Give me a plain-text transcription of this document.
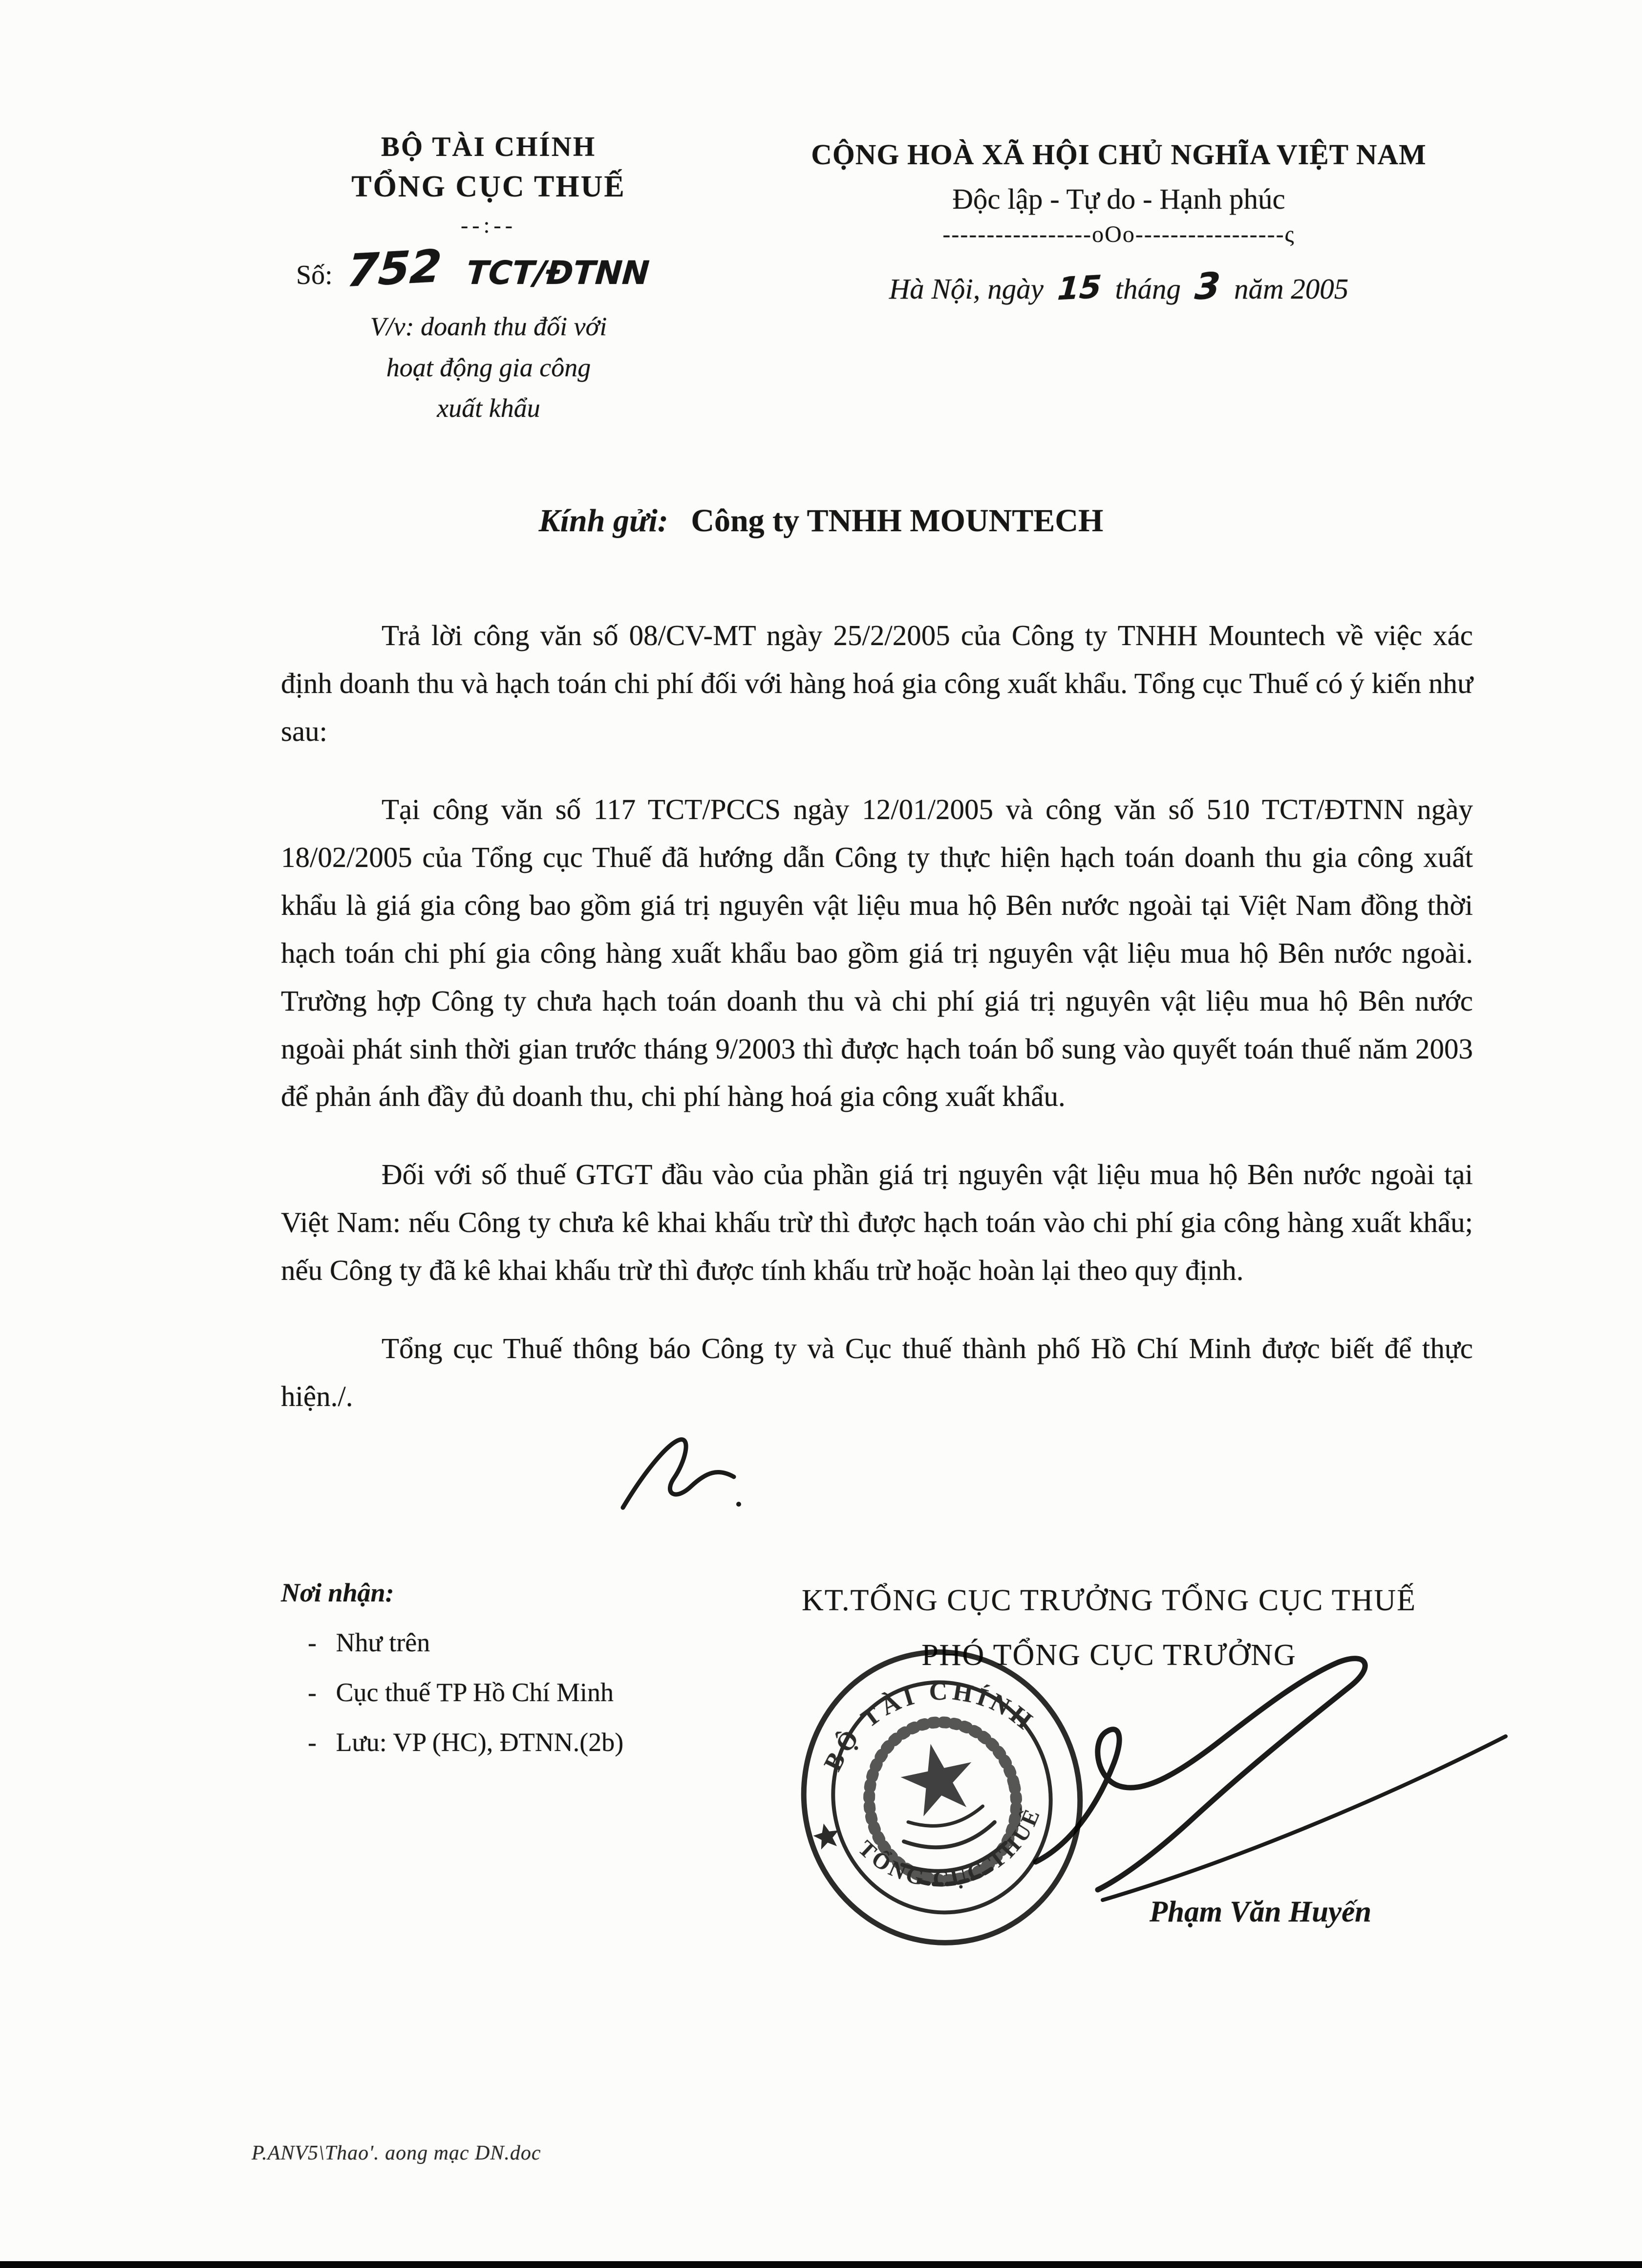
BỘ TÀI CHÍNH
TỔNG CỤC THUẾ
--:--
Số: 752 TCT/ĐTNN
V/v: doanh thu đối với
hoạt động gia công
xuất khẩu
CỘNG HOÀ XÃ HỘI CHỦ NGHĨA VIỆT NAM
Độc lập - Tự do - Hạnh phúc
-----------------oOo-----------------ς
Hà Nội, ngày 15 tháng 3 năm 2005
Kính gửi: Công ty TNHH MOUNTECH

Trả lời công văn số 08/CV-MT ngày 25/2/2005 của Công ty TNHH Mountech về việc xác định doanh thu và hạch toán chi phí đối với hàng hoá gia công xuất khẩu. Tổng cục Thuế có ý kiến như sau:

Tại công văn số 117 TCT/PCCS ngày 12/01/2005 và công văn số 510 TCT/ĐTNN ngày 18/02/2005 của Tổng cục Thuế đã hướng dẫn Công ty thực hiện hạch toán doanh thu gia công xuất khẩu là giá gia công bao gồm giá trị nguyên vật liệu mua hộ Bên nước ngoài tại Việt Nam đồng thời hạch toán chi phí gia công hàng xuất khẩu bao gồm giá trị nguyên vật liệu mua hộ Bên nước ngoài. Trường hợp Công ty chưa hạch toán doanh thu và chi phí giá trị nguyên vật liệu mua hộ Bên nước ngoài phát sinh thời gian trước tháng 9/2003 thì được hạch toán bổ sung vào quyết toán thuế năm 2003 để phản ánh đầy đủ doanh thu, chi phí hàng hoá gia công xuất khẩu.

Đối với số thuế GTGT đầu vào của phần giá trị nguyên vật liệu mua hộ Bên nước ngoài tại Việt Nam: nếu Công ty chưa kê khai khấu trừ thì được hạch toán vào chi phí gia công hàng xuất khẩu; nếu Công ty đã kê khai khấu trừ thì được tính khấu trừ hoặc hoàn lại theo quy định.

Tổng cục Thuế thông báo Công ty và Cục thuế thành phố Hồ Chí Minh được biết để thực hiện./.

Nơi nhận:
- Như trên
- Cục thuế TP Hồ Chí Minh
- Lưu: VP (HC), ĐTNN.(2b)
KT.TỔNG CỤC TRƯỞNG TỔNG CỤC THUẾ
PHÓ TỔNG CỤC TRƯỞNG
BỘ TÀI CHÍNH
TỔNG CỤC THUẾ
Phạm Văn Huyến
P.ANV5\Thao'. aong mạc DN.doc
